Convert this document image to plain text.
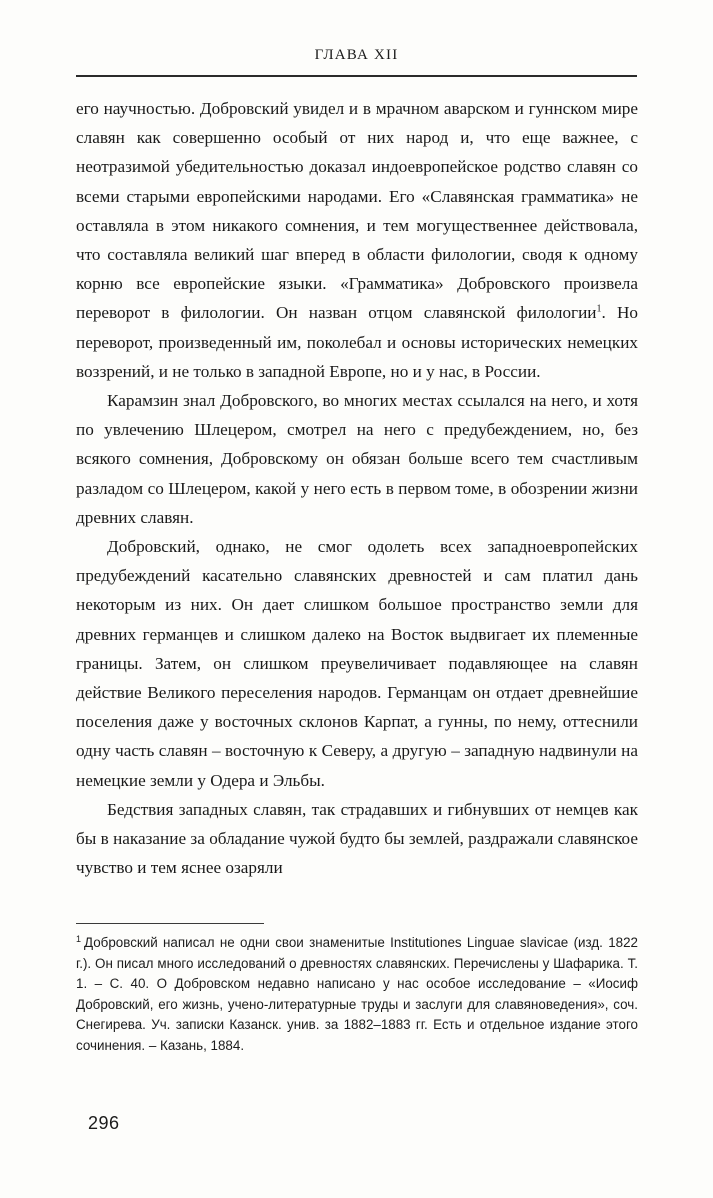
ГЛАВА XII

его научностью. Добровский увидел и в мрачном аварском и гуннском мире славян как совершенно особый от них народ и, что еще важнее, с неотразимой убедительностью доказал индоевропейское родство славян со всеми старыми европейскими народами. Его «Славянская грамматика» не оставляла в этом никакого сомнения, и тем могущественнее действовала, что составляла великий шаг вперед в области филологии, сводя к одному корню все европейские языки. «Грамматика» Добровского произвела переворот в филологии. Он назван отцом славянской филологии$^1$. Но переворот, произведенный им, поколебал и основы исторических немецких воззрений, и не только в западной Европе, но и у нас, в России.

Карамзин знал Добровского, во многих местах ссылался на него, и хотя по увлечению Шлецером, смотрел на него с предубеждением, но, без всякого сомнения, Добровскому он обязан больше всего тем счастливым разладом со Шлецером, какой у него есть в первом томе, в обозрении жизни древних славян.

Добровский, однако, не смог одолеть всех западноевропейских предубеждений касательно славянских древностей и сам платил дань некоторым из них. Он дает слишком большое пространство земли для древних германцев и слишком далеко на Восток выдвигает их племенные границы. Затем, он слишком преувеличивает подавляющее на славян действие Великого переселения народов. Германцам он отдает древнейшие поселения даже у восточных склонов Карпат, а гунны, по нему, оттеснили одну часть славян – восточную к Северу, а другую – западную надвинули на немецкие земли у Одера и Эльбы.

Бедствия западных славян, так страдавших и гибнувших от немцев как бы в наказание за обладание чужой будто бы землей, раздражали славянское чувство и тем яснее озаряли

$^1$ Добровский написал не одни свои знаменитые Institutiones Linguae slavicae (изд. 1822 г.). Он писал много исследований о древностях славянских. Перечислены у Шафарика. Т. 1. – С. 40. О Добровском недавно написано у нас особое исследование – «Иосиф Добровский, его жизнь, учено-литературные труды и заслуги для славяноведения», соч. Снегирева. Уч. записки Казанск. унив. за 1882–1883 гг. Есть и отдельное издание этого сочинения. – Казань, 1884.

296
